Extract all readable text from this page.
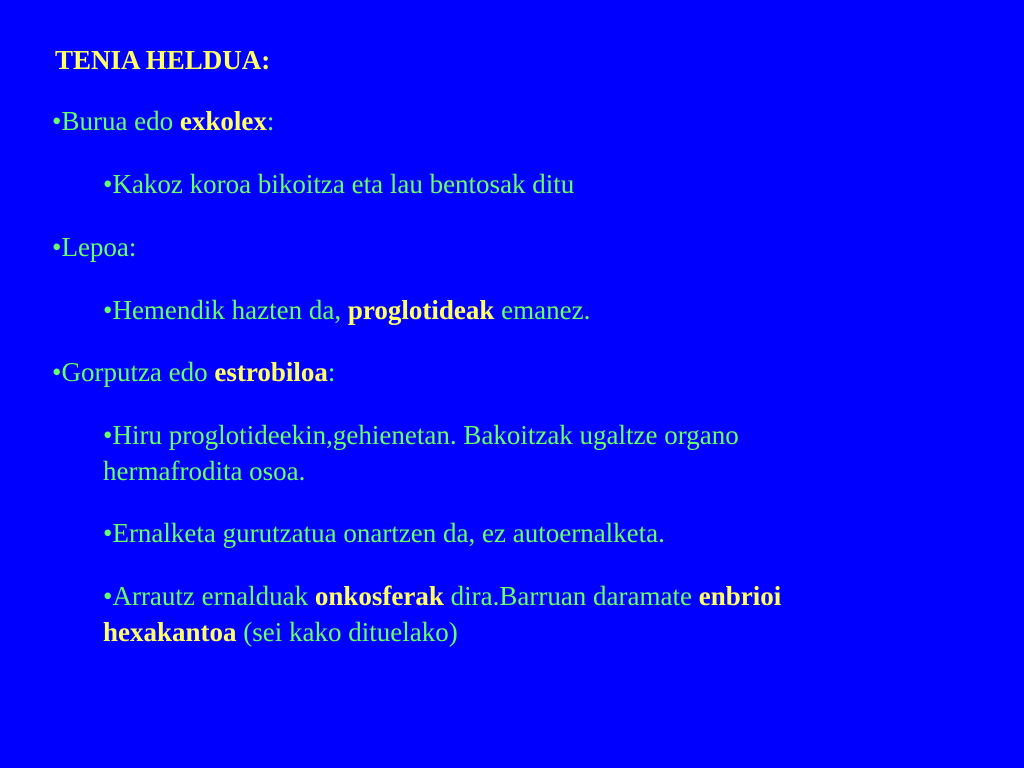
TENIA HELDUA:
•Burua edo exkolex:
•Kakoz koroa bikoitza eta lau bentosak ditu
•Lepoa:
•Hemendik hazten da, proglotideak emanez.
•Gorputza edo estrobiloa:
•Hiru proglotideekin,gehienetan. Bakoitzak ugaltze organo
hermafrodita osoa.
•Ernalketa gurutzatua onartzen da, ez autoernalketa.
•Arrautz ernalduak onkosferak dira.Barruan daramate enbrioi
hexakantoa (sei kako dituelako)
